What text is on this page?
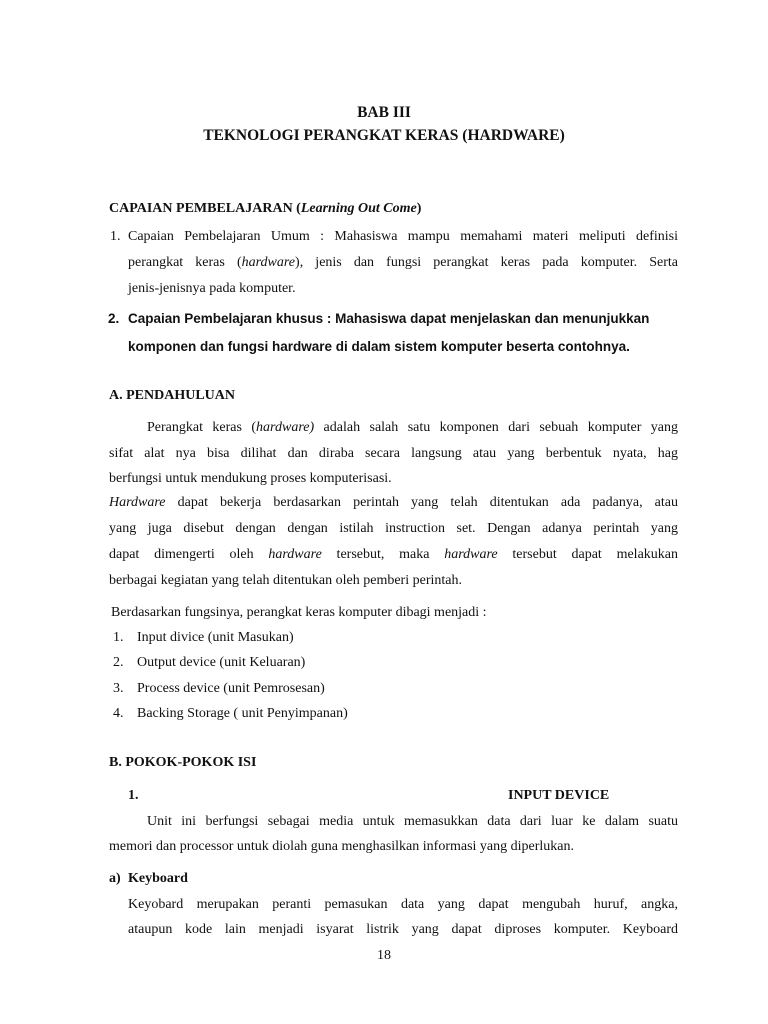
BAB III
TEKNOLOGI PERANGKAT KERAS (HARDWARE)
CAPAIAN PEMBELAJARAN (Learning Out Come)
1. Capaian Pembelajaran Umum : Mahasiswa mampu memahami materi meliputi definisi
perangkat keras (hardware), jenis dan fungsi perangkat keras pada komputer. Serta
jenis-jenisnya pada komputer.
2. Capaian Pembelajaran khusus : Mahasiswa dapat menjelaskan dan menunjukkan
komponen dan fungsi hardware di dalam sistem komputer beserta contohnya.
A. PENDAHULUAN
Perangkat keras (hardware) adalah salah satu komponen dari sebuah komputer yang
sifat alat nya bisa dilihat dan diraba secara langsung atau yang berbentuk nyata, hag
berfungsi untuk mendukung proses komputerisasi.
Hardware dapat bekerja berdasarkan perintah yang telah ditentukan ada padanya, atau
yang juga disebut dengan dengan istilah instruction set. Dengan adanya perintah yang
dapat dimengerti oleh hardware tersebut, maka hardware tersebut dapat melakukan
berbagai kegiatan yang telah ditentukan oleh pemberi perintah.
Berdasarkan fungsinya, perangkat keras komputer dibagi menjadi :
1. Input divice (unit Masukan)
2. Output device (unit Keluaran)
3. Process device (unit Pemrosesan)
4. Backing Storage ( unit Penyimpanan)
B. POKOK-POKOK ISI
1.	INPUT DEVICE
Unit ini berfungsi sebagai media untuk memasukkan data dari luar ke dalam suatu
memori dan processor untuk diolah guna menghasilkan informasi yang diperlukan.
a) Keyboard
Keyobard merupakan peranti pemasukan data yang dapat mengubah huruf, angka,
ataupun kode lain menjadi isyarat listrik yang dapat diproses komputer. Keyboard
18
